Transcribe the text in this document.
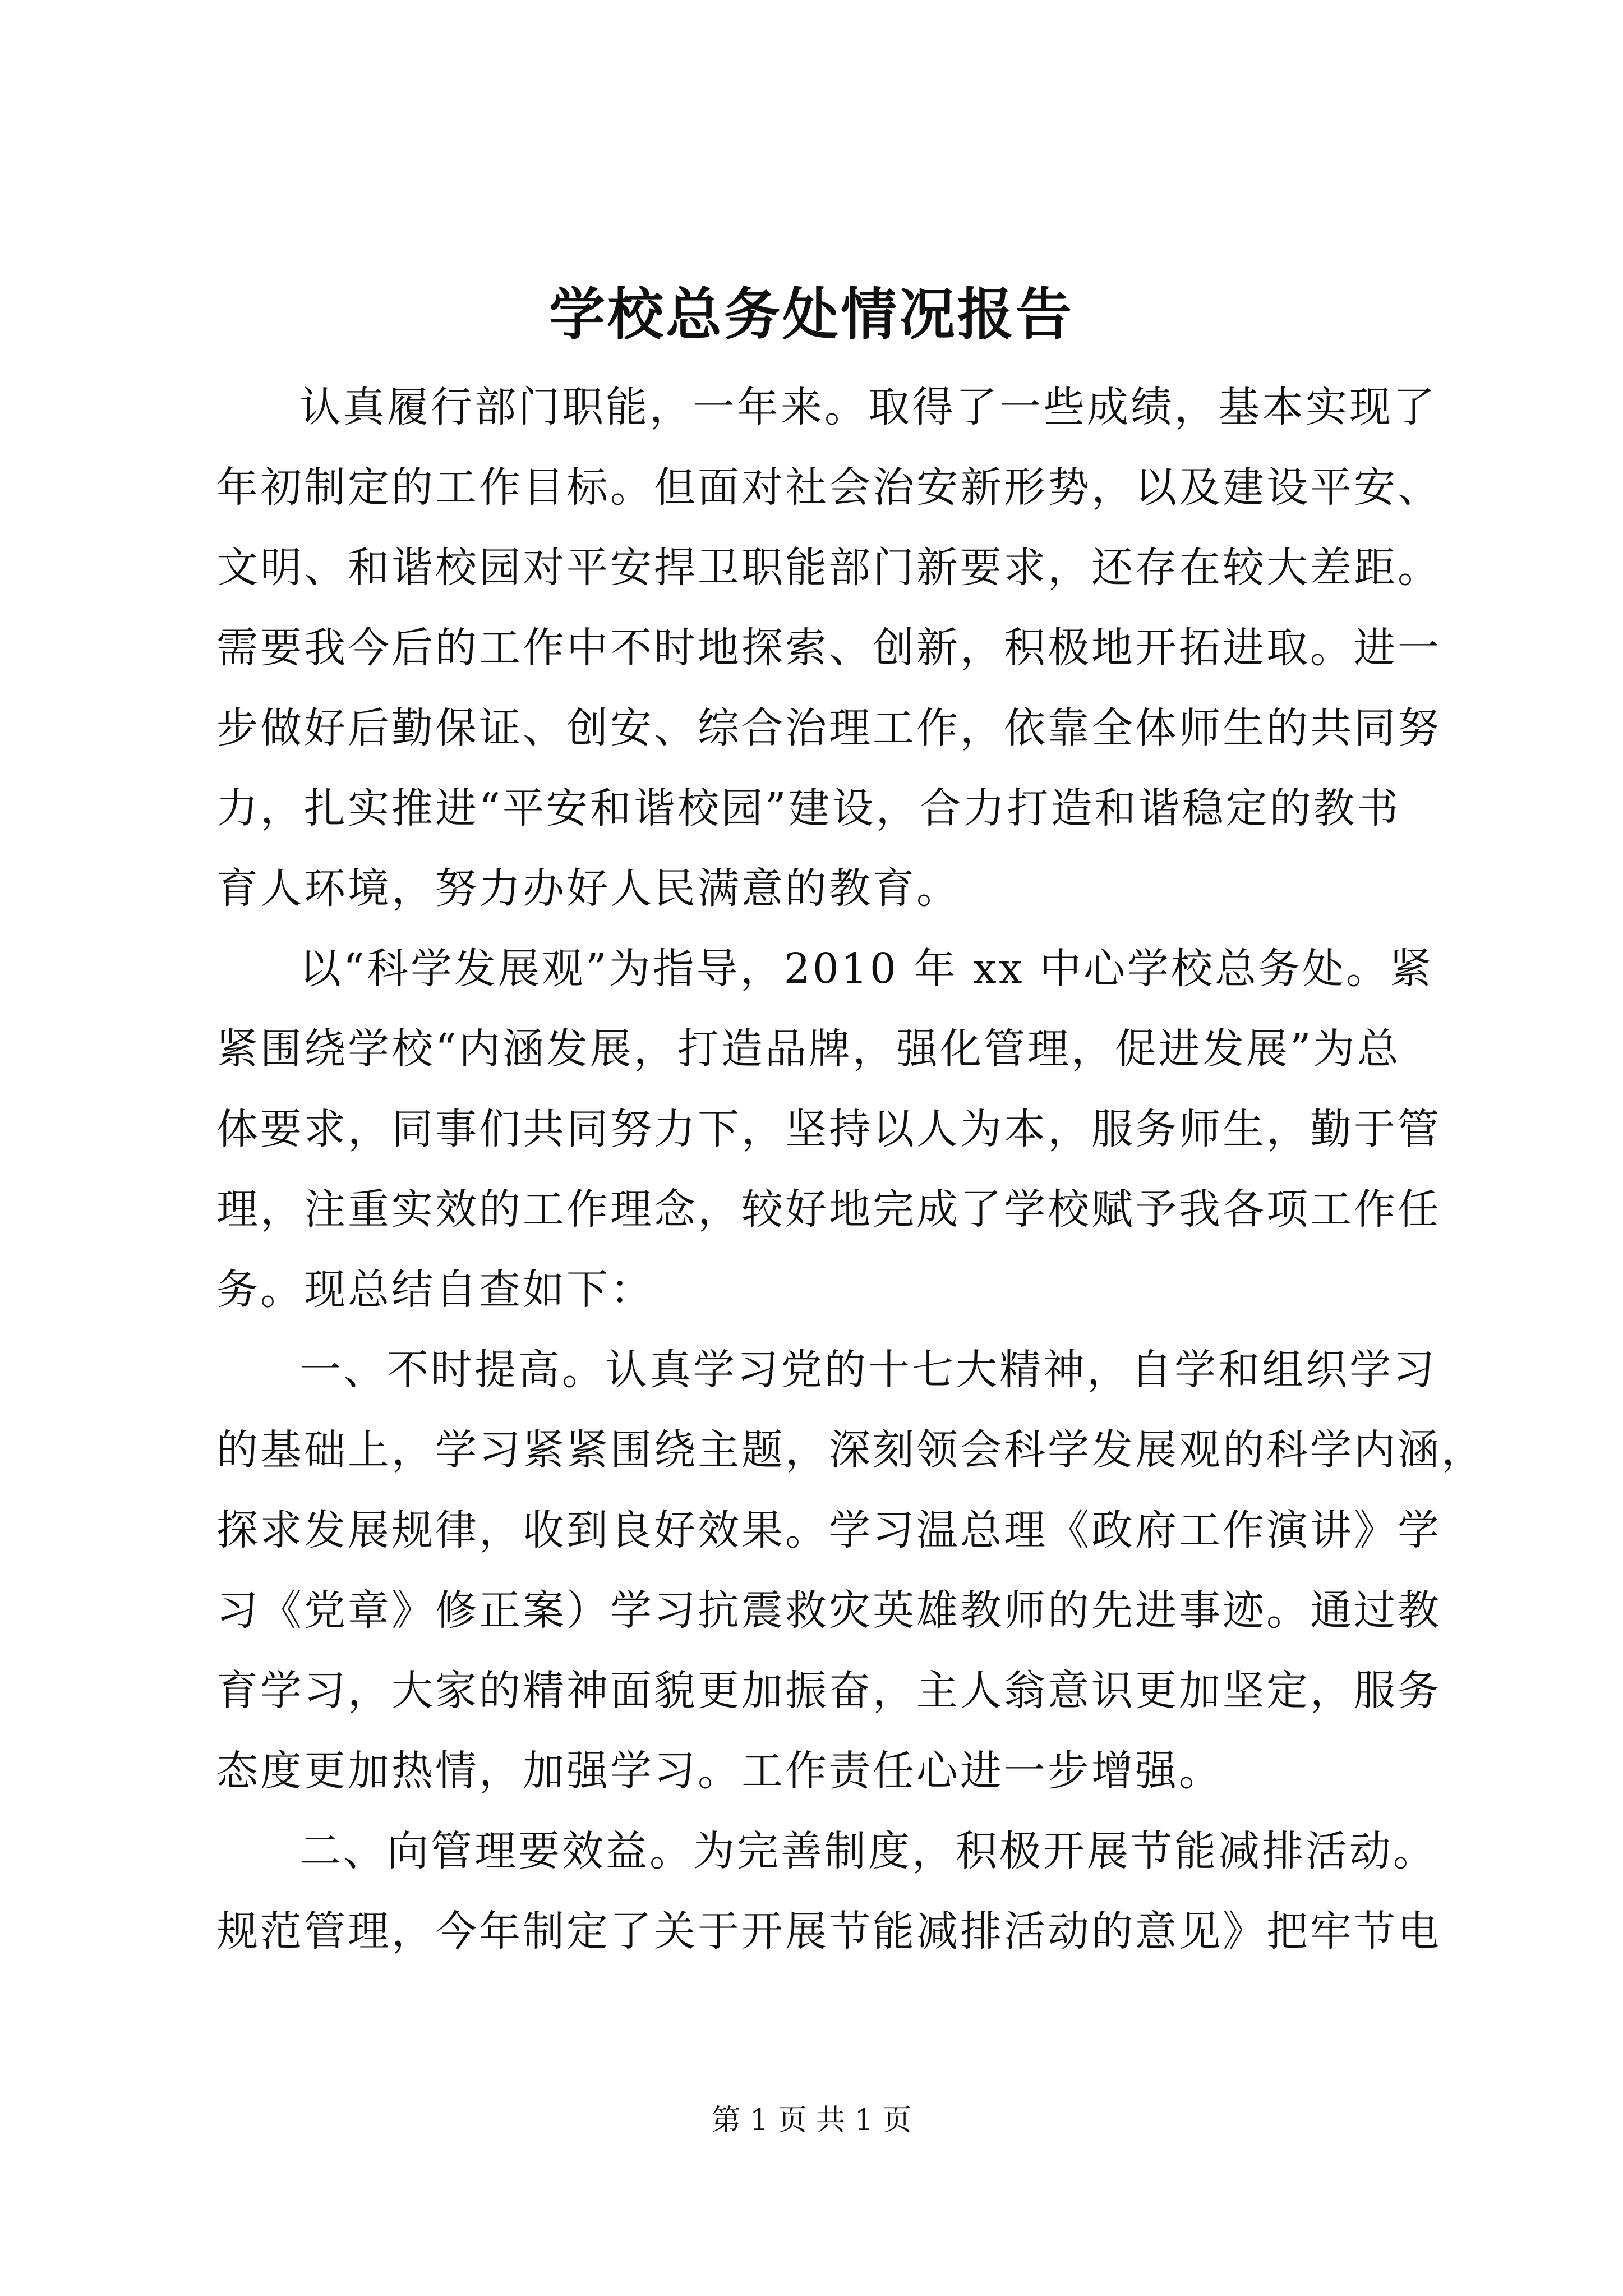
学校总务处情况报告
认真履行部门职能，一年来。取得了一些成绩，基本实现了
年初制定的工作目标。但面对社会治安新形势，以及建设平安、
文明、和谐校园对平安捍卫职能部门新要求，还存在较大差距。
需要我今后的工作中不时地探索、创新，积极地开拓进取。进一
步做好后勤保证、创安、综合治理工作，依靠全体师生的共同努
力，扎实推进“平安和谐校园”建设，合力打造和谐稳定的教书
育人环境，努力办好人民满意的教育。
以“科学发展观”为指导，2010 年 xx 中心学校总务处。紧
紧围绕学校“内涵发展，打造品牌，强化管理，促进发展”为总
体要求，同事们共同努力下，坚持以人为本，服务师生，勤于管
理，注重实效的工作理念，较好地完成了学校赋予我各项工作任
务。现总结自查如下：
一、不时提高。认真学习党的十七大精神，自学和组织学习
的基础上，学习紧紧围绕主题，深刻领会科学发展观的科学内涵，
探求发展规律，收到良好效果。学习温总理《政府工作演讲》学
习《党章》修正案）学习抗震救灾英雄教师的先进事迹。通过教
育学习，大家的精神面貌更加振奋，主人翁意识更加坚定，服务
态度更加热情，加强学习。工作责任心进一步增强。
二、向管理要效益。为完善制度，积极开展节能减排活动。
规范管理，今年制定了关于开展节能减排活动的意见》把牢节电
第 1 页 共 1 页
